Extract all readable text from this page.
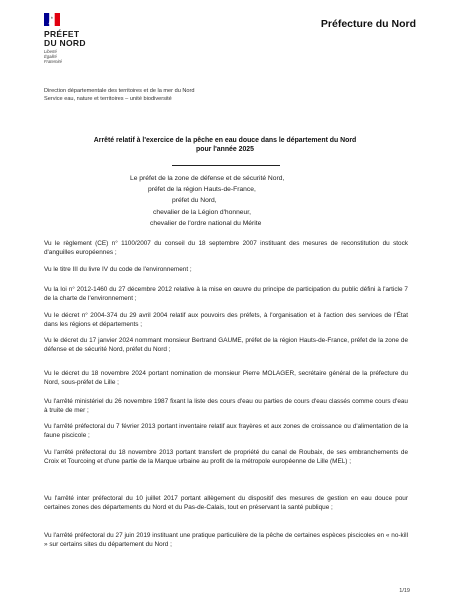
PRÉFET
DU NORD
Liberté
Égalité
Fraternité
Préfecture du Nord
Direction départementale des territoires et de la mer du Nord
Service eau, nature et territoires – unité biodiversité
Arrêté relatif à l'exercice de la pêche en eau douce dans le département du Nord
pour l'année 2025
Le préfet de la zone de défense et de sécurité Nord,
préfet de la région Hauts-de-France,
préfet du Nord,
chevalier de la Légion d'honneur,
chevalier de l'ordre national du Mérite
Vu le règlement (CE) n° 1100/2007 du conseil du 18 septembre 2007 instituant des mesures de reconstitution du stock d'anguilles européennes ;
Vu le titre III du livre IV du code de l'environnement ;
Vu la loi n° 2012-1460 du 27 décembre 2012 relative à la mise en œuvre du principe de participation du public défini à l'article 7 de la charte de l'environnement ;
Vu le décret n° 2004-374 du 29 avril 2004 relatif aux pouvoirs des préfets, à l'organisation et à l'action des services de l'État dans les régions et départements ;
Vu le décret du 17 janvier 2024 nommant monsieur Bertrand GAUME, préfet de la région Hauts-de-France, préfet de la zone de défense et de sécurité Nord, préfet du Nord ;
Vu le décret du 18 novembre 2024 portant nomination de monsieur Pierre MOLAGER, secrétaire général de la préfecture du Nord, sous-préfet de Lille ;
Vu l'arrêté ministériel du 26 novembre 1987 fixant la liste des cours d'eau ou parties de cours d'eau classés comme cours d'eau à truite de mer ;
Vu l'arrêté préfectoral du 7 février 2013 portant inventaire relatif aux frayères et aux zones de croissance ou d'alimentation de la faune piscicole ;
Vu l'arrêté préfectoral du 18 novembre 2013 portant transfert de propriété du canal de Roubaix, de ses embranchements de Croix et Tourcoing et d'une partie de la Marque urbaine au profit de la métropole européenne de Lille (MEL) ;
Vu l'arrêté inter préfectoral du 10 juillet 2017 portant allègement du dispositif des mesures de gestion en eau douce pour certaines zones des départements du Nord et du Pas-de-Calais, tout en préservant la santé publique ;
Vu l'arrêté préfectoral du 27 juin 2019 instituant une pratique particulière de la pêche de certaines espèces piscicoles en « no-kill » sur certains sites du département du Nord ;
1/19
